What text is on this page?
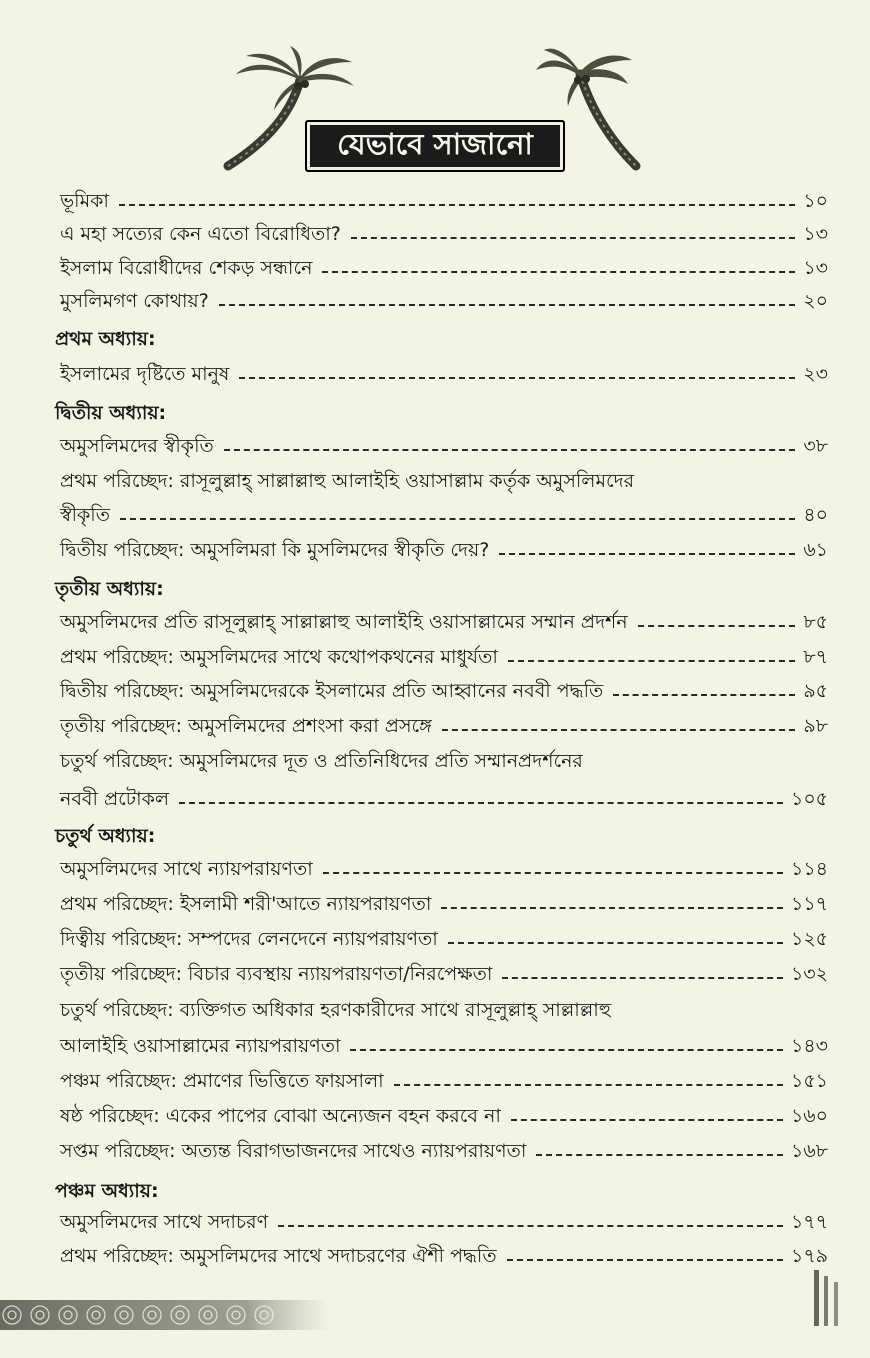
যেভাবে সাজানো
ভূমিকা	১০
এ মহা সত্যের কেন এতো বিরোধিতা?	১৩
ইসলাম বিরোধীদের শেকড় সন্ধানে	১৩
মুসলিমগণ কোথায়?	২০
প্রথম অধ্যায়:
ইসলামের দৃষ্টিতে মানুষ	২৩
দ্বিতীয় অধ্যায়:
অমুসলিমদের স্বীকৃতি	৩৮
প্রথম পরিচ্ছেদ: রাসূলুল্লাহ্ সাল্লাল্লাহু আলাইহি ওয়াসাল্লাম কর্তৃক অমুসলিমদের
স্বীকৃতি	৪০
দ্বিতীয় পরিচ্ছেদ: অমুসলিমরা কি মুসলিমদের স্বীকৃতি দেয়?	৬১
তৃতীয় অধ্যায়:
অমুসলিমদের প্রতি রাসূলুল্লাহ্ সাল্লাল্লাহু আলাইহি ওয়াসাল্লামের সম্মান প্রদর্শন	৮৫
প্রথম পরিচ্ছেদ: অমুসলিমদের সাথে কথোপকথনের মাধুর্যতা	৮৭
দ্বিতীয় পরিচ্ছেদ: অমুসলিমদেরকে ইসলামের প্রতি আহ্বানের নববী পদ্ধতি	৯৫
তৃতীয় পরিচ্ছেদ: অমুসলিমদের প্রশংসা করা প্রসঙ্গে	৯৮
চতুর্থ পরিচ্ছেদ: অমুসলিমদের দূত ও প্রতিনিধিদের প্রতি সম্মানপ্রদর্শনের
নববী প্রটোকল	১০৫
চতুর্থ অধ্যায়:
অমুসলিমদের সাথে ন্যায়পরায়ণতা	১১৪
প্রথম পরিচ্ছেদ: ইসলামী শরী'আতে ন্যায়পরায়ণতা	১১৭
দিত্বীয় পরিচ্ছেদ: সম্পদের লেনদেনে ন্যায়পরায়ণতা	১২৫
তৃতীয় পরিচ্ছেদ: বিচার ব্যবস্থায় ন্যায়পরায়ণতা/নিরপেক্ষতা	১৩২
চতুর্থ পরিচ্ছেদ: ব্যক্তিগত অধিকার হরণকারীদের সাথে রাসূলুল্লাহ্ সাল্লাল্লাহু
আলাইহি ওয়াসাল্লামের ন্যায়পরায়ণতা	১৪৩
পঞ্চম পরিচ্ছেদ: প্রমাণের ভিত্তিতে ফায়সালা	১৫১
ষষ্ঠ পরিচ্ছেদ: একের পাপের বোঝা অন্যেজন বহন করবে না	১৬০
সপ্তম পরিচ্ছেদ: অত্যন্ত বিরাগভাজনদের সাথেও ন্যায়পরায়ণতা	১৬৮
পঞ্চম অধ্যায়:
অমুসলিমদের সাথে সদাচরণ	১৭৭
প্রথম পরিচ্ছেদ: অমুসলিমদের সাথে সদাচরণের ঐশী পদ্ধতি	১৭৯
